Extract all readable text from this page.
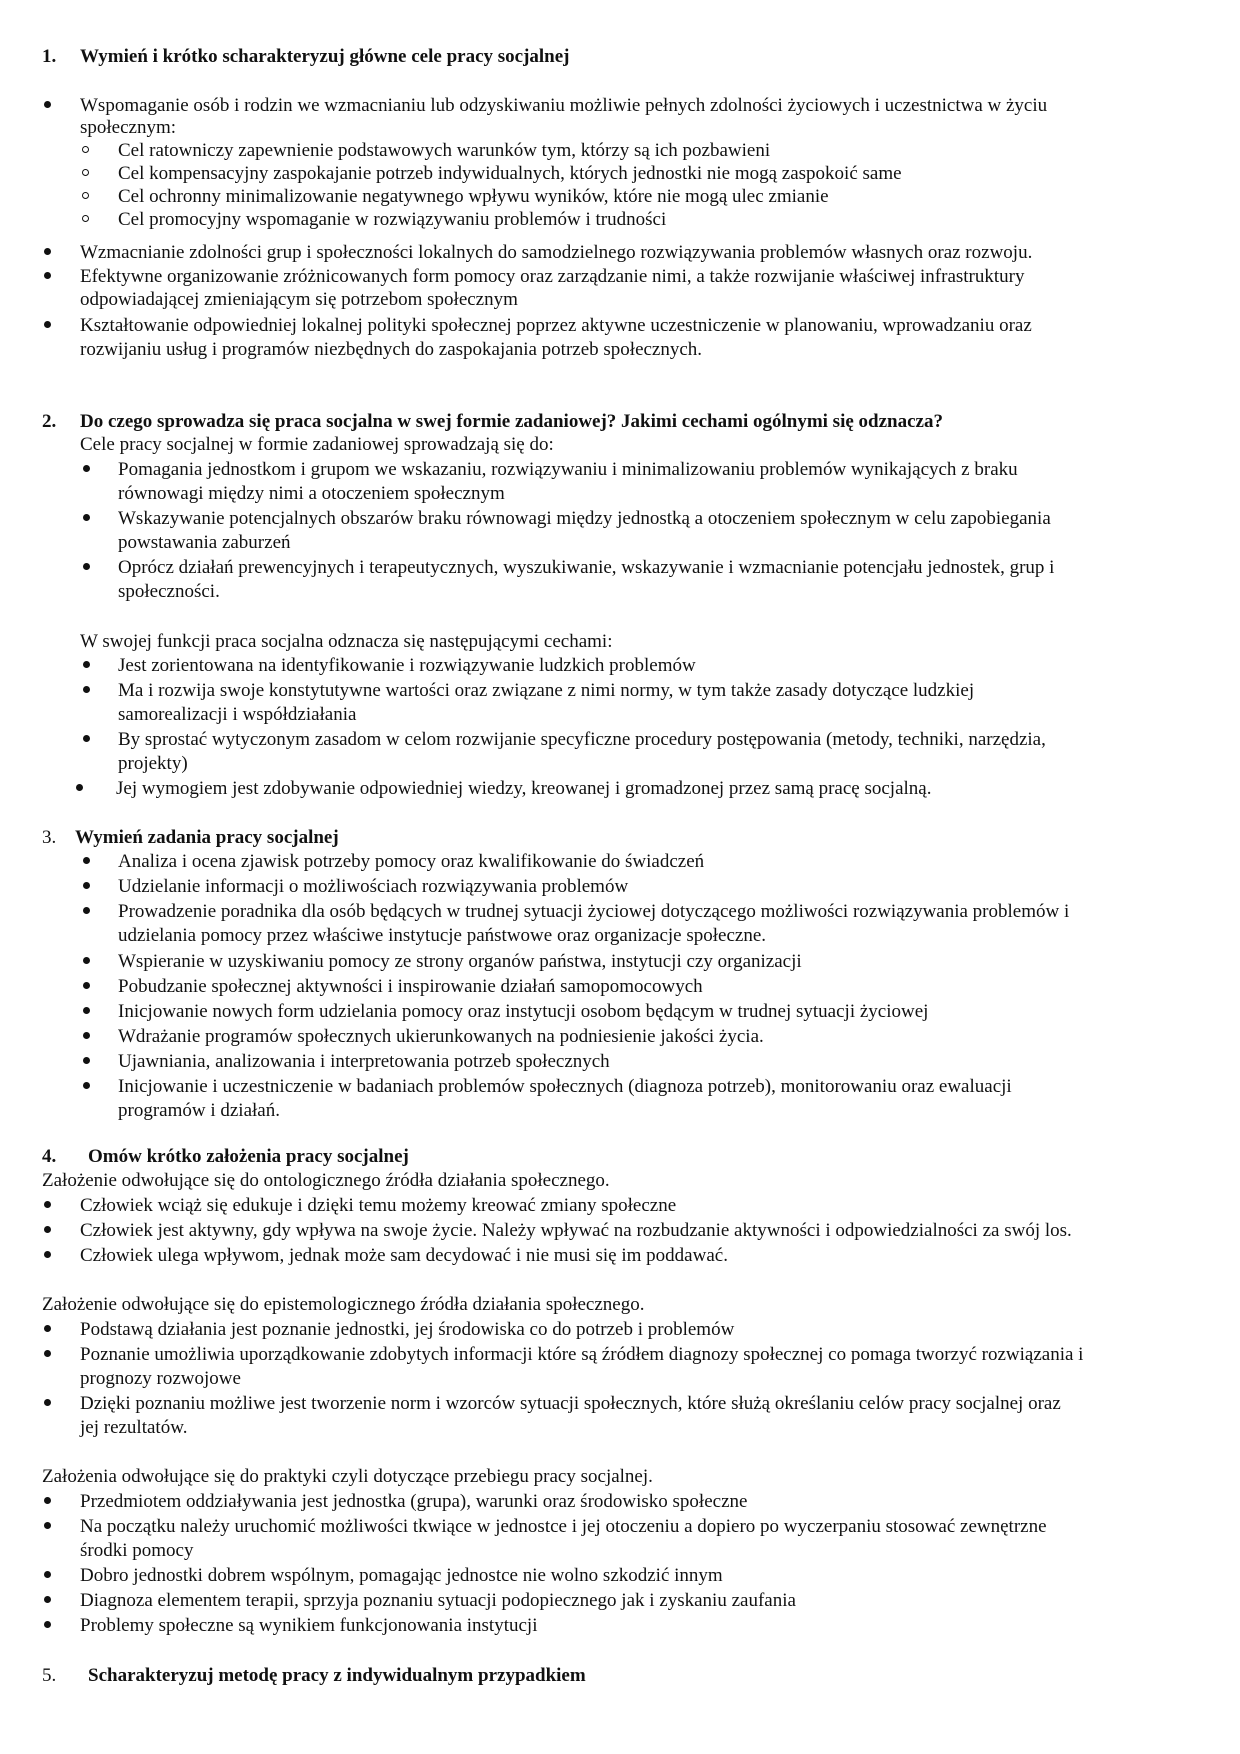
1. Wymień i krótko scharakteryzuj główne cele pracy socjalnej
Wspomaganie osób i rodzin we wzmacnianiu lub odzyskiwaniu możliwie pełnych zdolności życiowych i uczestnictwa w życiu
społecznym:
Cel ratowniczy zapewnienie podstawowych warunków tym, którzy są ich pozbawieni
Cel kompensacyjny zaspokajanie potrzeb indywidualnych, których jednostki nie mogą zaspokoić same
Cel ochronny minimalizowanie negatywnego wpływu wyników, które nie mogą ulec zmianie
Cel promocyjny wspomaganie w rozwiązywaniu problemów i trudności
Wzmacnianie zdolności grup i społeczności lokalnych do samodzielnego rozwiązywania problemów własnych oraz rozwoju.
Efektywne organizowanie zróżnicowanych form pomocy oraz zarządzanie nimi, a także rozwijanie właściwej infrastruktury
odpowiadającej zmieniającym się potrzebom społecznym
Kształtowanie odpowiedniej lokalnej polityki społecznej poprzez aktywne uczestniczenie w planowaniu, wprowadzaniu oraz
rozwijaniu usług i programów niezbędnych do zaspokajania potrzeb społecznych.
2. Do czego sprowadza się praca socjalna w swej formie zadaniowej? Jakimi cechami ogólnymi się odznacza?
Cele pracy socjalnej w formie zadaniowej sprowadzają się do:
Pomagania jednostkom i grupom we wskazaniu, rozwiązywaniu i minimalizowaniu problemów wynikających z braku
równowagi między nimi a otoczeniem społecznym
Wskazywanie potencjalnych obszarów braku równowagi między jednostką a otoczeniem społecznym w celu zapobiegania
powstawania zaburzeń
Oprócz działań prewencyjnych i terapeutycznych, wyszukiwanie, wskazywanie i wzmacnianie potencjału jednostek, grup i
społeczności.
W swojej funkcji praca socjalna odznacza się następującymi cechami:
Jest zorientowana na identyfikowanie i rozwiązywanie ludzkich problemów
Ma i rozwija swoje konstytutywne wartości oraz związane z nimi normy, w tym także zasady dotyczące ludzkiej
samorealizacji i współdziałania
By sprostać wytyczonym zasadom w celom rozwijanie specyficzne procedury postępowania (metody, techniki, narzędzia,
projekty)
Jej wymogiem jest zdobywanie odpowiedniej wiedzy, kreowanej i gromadzonej przez samą pracę socjalną.
3. Wymień zadania pracy socjalnej
Analiza i ocena zjawisk potrzeby pomocy oraz kwalifikowanie do świadczeń
Udzielanie informacji o możliwościach rozwiązywania problemów
Prowadzenie poradnika dla osób będących w trudnej sytuacji życiowej dotyczącego możliwości rozwiązywania problemów i
udzielania pomocy przez właściwe instytucje państwowe oraz organizacje społeczne.
Wspieranie w uzyskiwaniu pomocy ze strony organów państwa, instytucji czy organizacji
Pobudzanie społecznej aktywności i inspirowanie działań samopomocowych
Inicjowanie nowych form udzielania pomocy oraz instytucji osobom będącym w trudnej sytuacji życiowej
Wdrażanie programów społecznych ukierunkowanych na podniesienie jakości życia.
Ujawniania, analizowania i interpretowania potrzeb społecznych
Inicjowanie i uczestniczenie w badaniach problemów społecznych (diagnoza potrzeb), monitorowaniu oraz ewaluacji
programów i działań.
4. Omów krótko założenia pracy socjalnej
Założenie odwołujące się do ontologicznego źródła działania społecznego.
Człowiek wciąż się edukuje i dzięki temu możemy kreować zmiany społeczne
Człowiek jest aktywny, gdy wpływa na swoje życie. Należy wpływać na rozbudzanie aktywności i odpowiedzialności za swój los.
Człowiek ulega wpływom, jednak może sam decydować i nie musi się im poddawać.
Założenie odwołujące się do epistemologicznego źródła działania społecznego.
Podstawą działania jest poznanie jednostki, jej środowiska co do potrzeb i problemów
Poznanie umożliwia uporządkowanie zdobytych informacji które są źródłem diagnozy społecznej co pomaga tworzyć rozwiązania i
prognozy rozwojowe
Dzięki poznaniu możliwe jest tworzenie norm i wzorców sytuacji społecznych, które służą określaniu celów pracy socjalnej oraz
jej rezultatów.
Założenia odwołujące się do praktyki czyli dotyczące przebiegu pracy socjalnej.
Przedmiotem oddziaływania jest jednostka (grupa), warunki oraz środowisko społeczne
Na początku należy uruchomić możliwości tkwiące w jednostce i jej otoczeniu a dopiero po wyczerpaniu stosować zewnętrzne
środki pomocy
Dobro jednostki dobrem wspólnym, pomagając jednostce nie wolno szkodzić innym
Diagnoza elementem terapii, sprzyja poznaniu sytuacji podopiecznego jak i zyskaniu zaufania
Problemy społeczne są wynikiem funkcjonowania instytucji
5. Scharakteryzuj metodę pracy z indywidualnym przypadkiem
